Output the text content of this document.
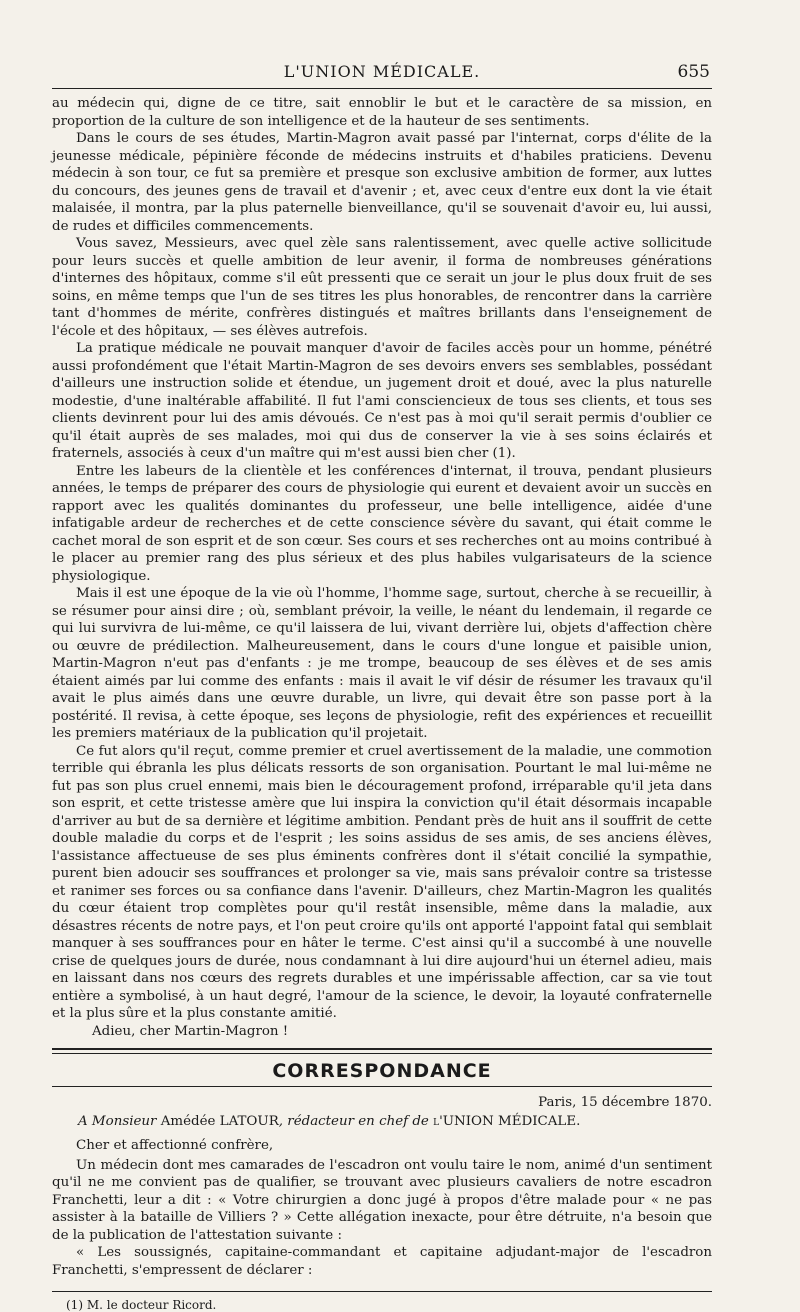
L'UNION MÉDICALE.	655

au médecin qui, digne de ce titre, sait ennoblir le but et le caractère de sa mission, en proportion de la culture de son intelligence et de la hauteur de ses sentiments.

Dans le cours de ses études, Martin-Magron avait passé par l'internat, corps d'élite de la jeunesse médicale, pépinière féconde de médecins instruits et d'habiles praticiens. Devenu médecin à son tour, ce fut sa première et presque son exclusive ambition de former, aux luttes du concours, des jeunes gens de travail et d'avenir ; et, avec ceux d'entre eux dont la vie était malaisée, il montra, par la plus paternelle bienveillance, qu'il se souvenait d'avoir eu, lui aussi, de rudes et difficiles commencements.

Vous savez, Messieurs, avec quel zèle sans ralentissement, avec quelle active sollicitude pour leurs succès et quelle ambition de leur avenir, il forma de nombreuses générations d'internes des hôpitaux, comme s'il eût pressenti que ce serait un jour le plus doux fruit de ses soins, en même temps que l'un de ses titres les plus honorables, de rencontrer dans la carrière tant d'hommes de mérite, confrères distingués et maîtres brillants dans l'enseignement de l'école et des hôpitaux, — ses élèves autrefois.

La pratique médicale ne pouvait manquer d'avoir de faciles accès pour un homme, pénétré aussi profondément que l'était Martin-Magron de ses devoirs envers ses semblables, possédant d'ailleurs une instruction solide et étendue, un jugement droit et doué, avec la plus naturelle modestie, d'une inaltérable affabilité. Il fut l'ami consciencieux de tous ses clients, et tous ses clients devinrent pour lui des amis dévoués. Ce n'est pas à moi qu'il serait permis d'oublier ce qu'il était auprès de ses malades, moi qui dus de conserver la vie à ses soins éclairés et fraternels, associés à ceux d'un maître qui m'est aussi bien cher (1).

Entre les labeurs de la clientèle et les conférences d'internat, il trouva, pendant plusieurs années, le temps de préparer des cours de physiologie qui eurent et devaient avoir un succès en rapport avec les qualités dominantes du professeur, une belle intelligence, aidée d'une infatigable ardeur de recherches et de cette conscience sévère du savant, qui était comme le cachet moral de son esprit et de son cœur. Ses cours et ses recherches ont au moins contribué à le placer au premier rang des plus sérieux et des plus habiles vulgarisateurs de la science physiologique.

Mais il est une époque de la vie où l'homme, l'homme sage, surtout, cherche à se recueillir, à se résumer pour ainsi dire ; où, semblant prévoir, la veille, le néant du lendemain, il regarde ce qui lui survivra de lui-même, ce qu'il laissera de lui, vivant derrière lui, objets d'affection chère ou œuvre de prédilection. Malheureusement, dans le cours d'une longue et paisible union, Martin-Magron n'eut pas d'enfants : je me trompe, beaucoup de ses élèves et de ses amis étaient aimés par lui comme des enfants : mais il avait le vif désir de résumer les travaux qu'il avait le plus aimés dans une œuvre durable, un livre, qui devait être son passe port à la postérité. Il revisa, à cette époque, ses leçons de physiologie, refit des expériences et recueillit les premiers matériaux de la publication qu'il projetait.

Ce fut alors qu'il reçut, comme premier et cruel avertissement de la maladie, une commotion terrible qui ébranla les plus délicats ressorts de son organisation. Pourtant le mal lui-même ne fut pas son plus cruel ennemi, mais bien le découragement profond, irréparable qu'il jeta dans son esprit, et cette tristesse amère que lui inspira la conviction qu'il était désormais incapable d'arriver au but de sa dernière et légitime ambition. Pendant près de huit ans il souffrit de cette double maladie du corps et de l'esprit ; les soins assidus de ses amis, de ses anciens élèves, l'assistance affectueuse de ses plus éminents confrères dont il s'était concilié la sympathie, purent bien adoucir ses souffrances et prolonger sa vie, mais sans prévaloir contre sa tristesse et ranimer ses forces ou sa confiance dans l'avenir. D'ailleurs, chez Martin-Magron les qualités du cœur étaient trop complètes pour qu'il restât insensible, même dans la maladie, aux désastres récents de notre pays, et l'on peut croire qu'ils ont apporté l'appoint fatal qui semblait manquer à ses souffrances pour en hâter le terme. C'est ainsi qu'il a succombé à une nouvelle crise de quelques jours de durée, nous condamnant à lui dire aujourd'hui un éternel adieu, mais en laissant dans nos cœurs des regrets durables et une impérissable affection, car sa vie tout entière a symbolisé, à un haut degré, l'amour de la science, le devoir, la loyauté confraternelle et la plus sûre et la plus constante amitié.

Adieu, cher Martin-Magron !

CORRESPONDANCE
Paris, 15 décembre 1870.
A Monsieur Amédée LATOUR, rédacteur en chef de l'UNION MÉDICALE.

Cher et affectionné confrère,

Un médecin dont mes camarades de l'escadron ont voulu taire le nom, animé d'un sentiment qu'il ne me convient pas de qualifier, se trouvant avec plusieurs cavaliers de notre escadron Franchetti, leur a dit : « Votre chirurgien a donc jugé à propos d'être malade pour « ne pas assister à la bataille de Villiers ? » Cette allégation inexacte, pour être détruite, n'a besoin que de la publication de l'attestation suivante :

« Les soussignés, capitaine-commandant et capitaine adjudant-major de l'escadron Franchetti, s'empressent de déclarer :

(1) M. le docteur Ricord.
